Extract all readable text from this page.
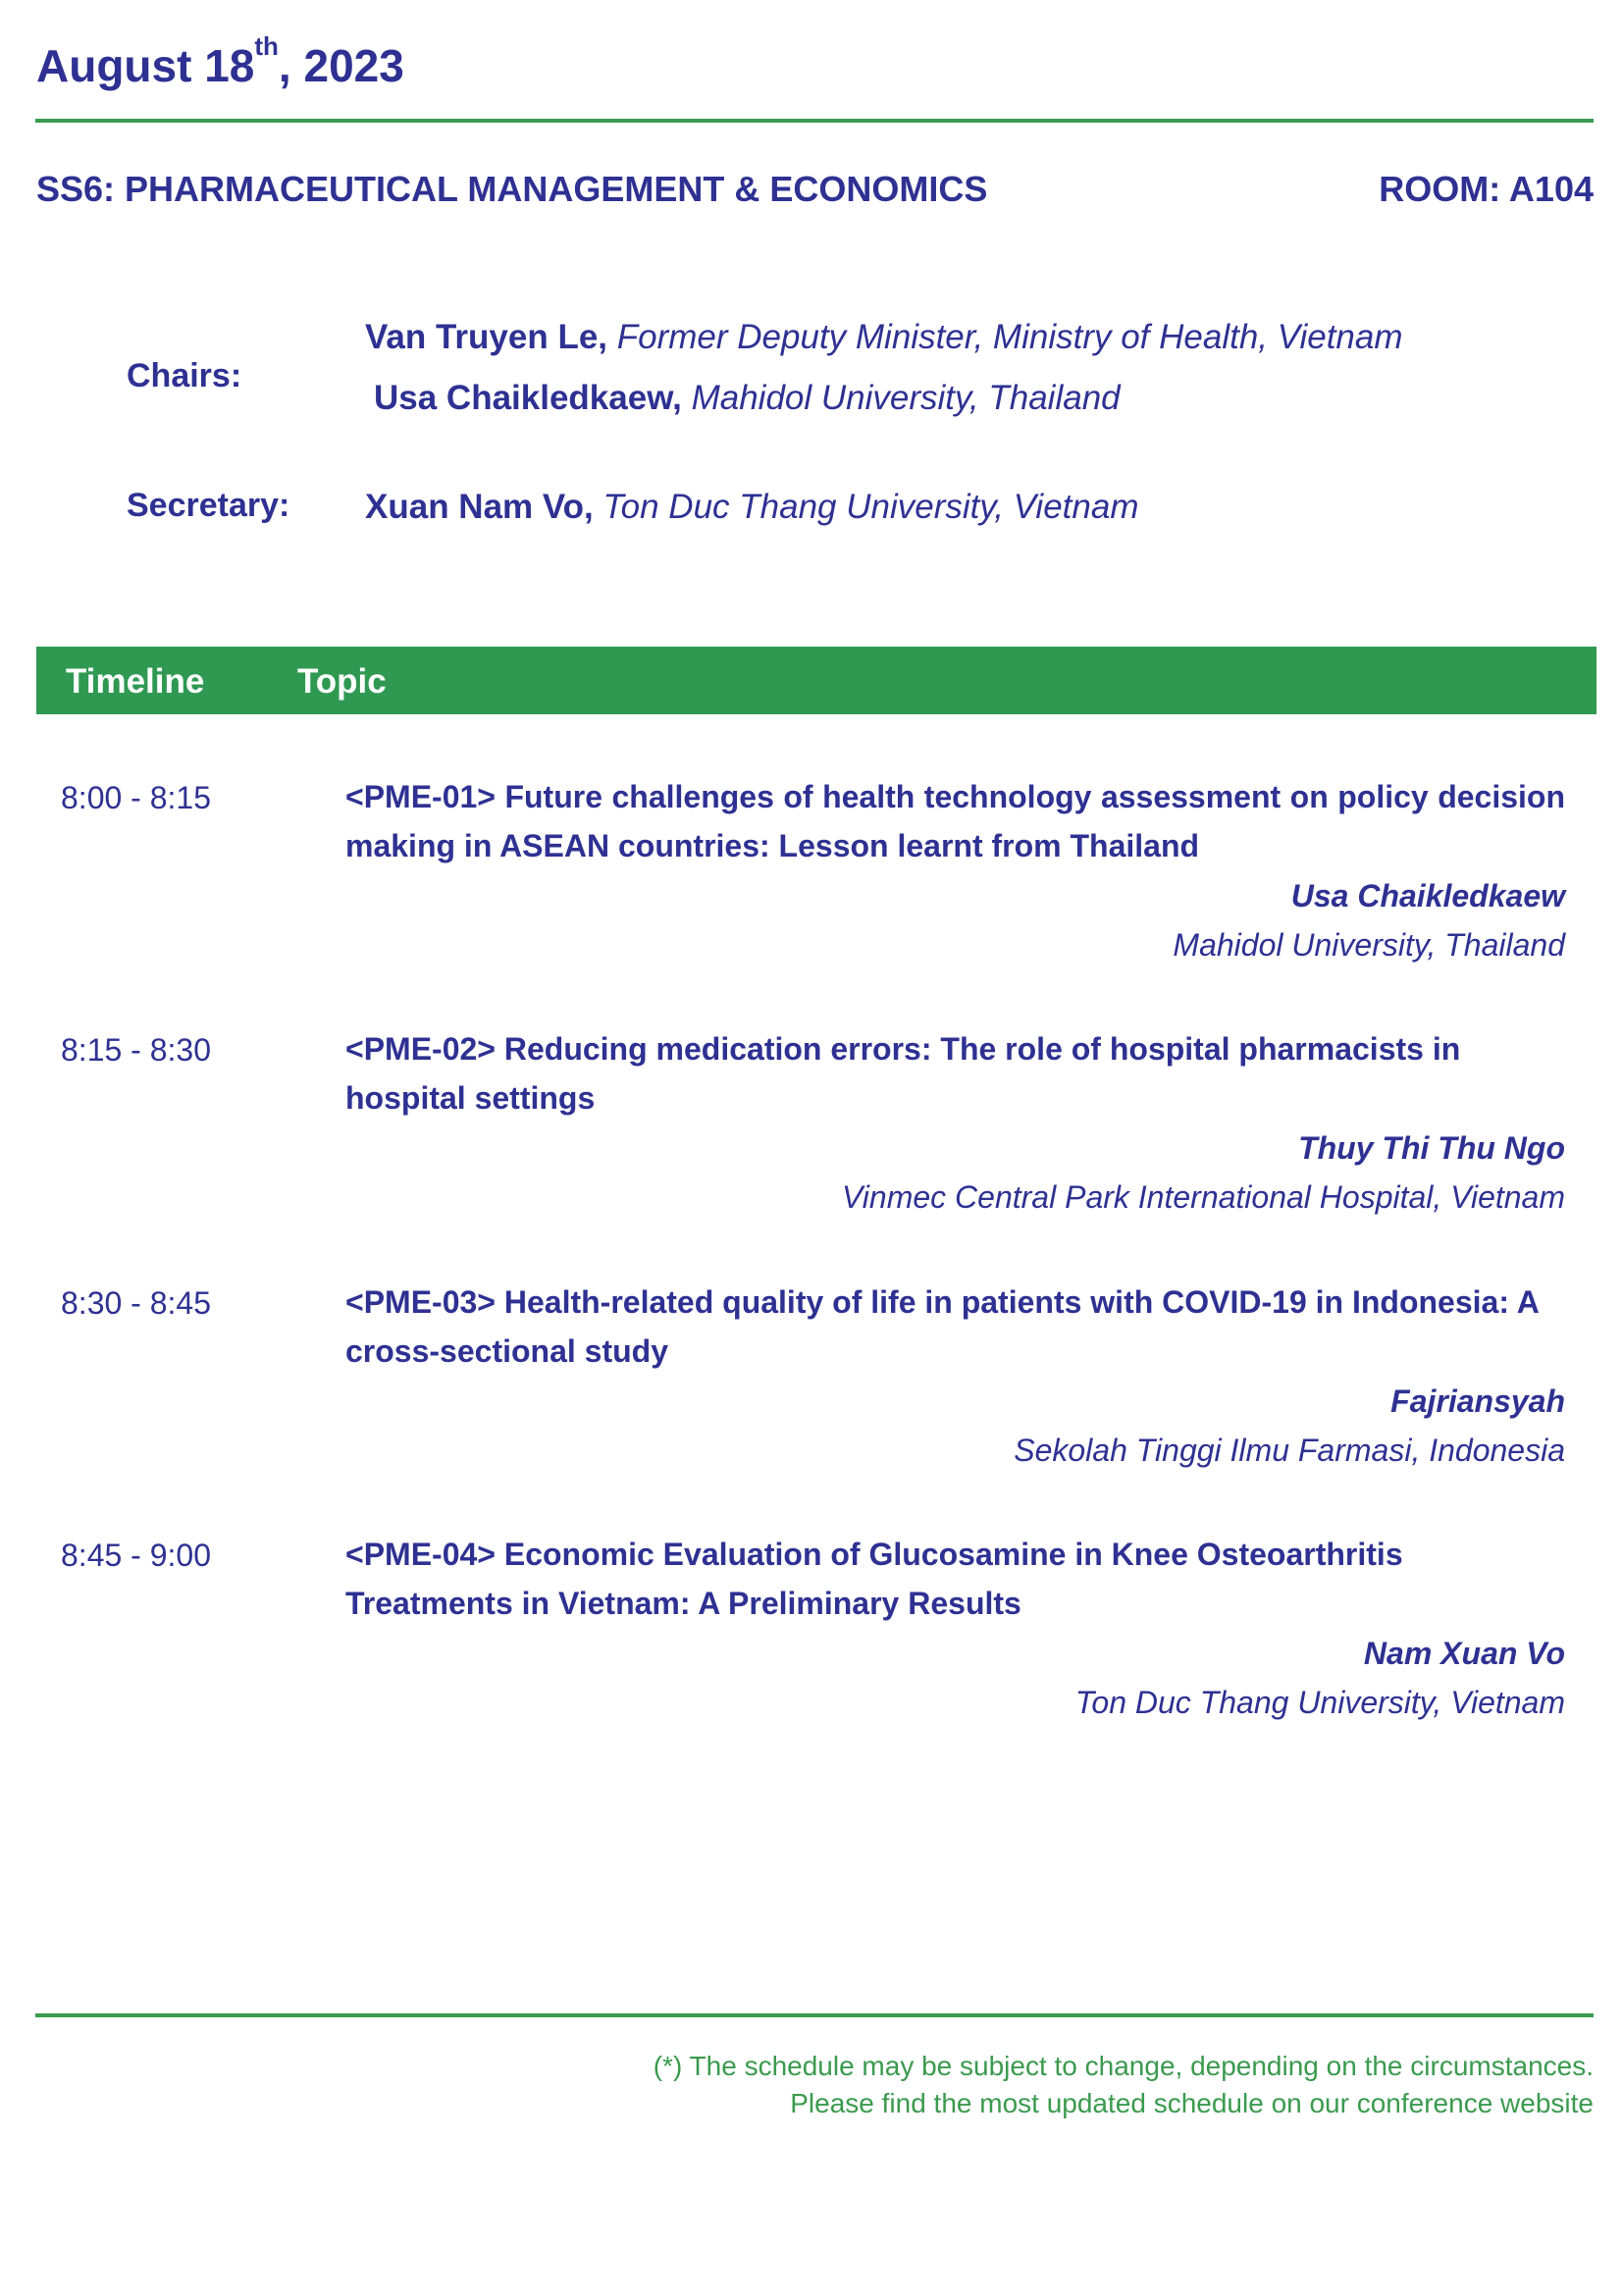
August 18th, 2023
SS6: PHARMACEUTICAL MANAGEMENT & ECONOMICS	ROOM: A104
Chairs:
Van Truyen Le, Former Deputy Minister, Ministry of Health, Vietnam
Usa Chaikledkaew, Mahidol University, Thailand
Secretary: Xuan Nam Vo, Ton Duc Thang University, Vietnam
Timeline	Topic
8:00 - 8:15	<PME-01> Future challenges of health technology assessment on policy decision making in ASEAN countries: Lesson learnt from Thailand
Usa Chaikledkaew
Mahidol University, Thailand
8:15 - 8:30	<PME-02> Reducing medication errors: The role of hospital pharmacists in hospital settings
Thuy Thi Thu Ngo
Vinmec Central Park International Hospital, Vietnam
8:30 - 8:45	<PME-03> Health-related quality of life in patients with COVID-19 in Indonesia: A cross-sectional study
Fajriansyah
Sekolah Tinggi Ilmu Farmasi, Indonesia
8:45 - 9:00	<PME-04> Economic Evaluation of Glucosamine in Knee Osteoarthritis Treatments in Vietnam: A Preliminary Results
Nam Xuan Vo
Ton Duc Thang University, Vietnam
(*) The schedule may be subject to change, depending on the circumstances.
Please find the most updated schedule on our conference website
